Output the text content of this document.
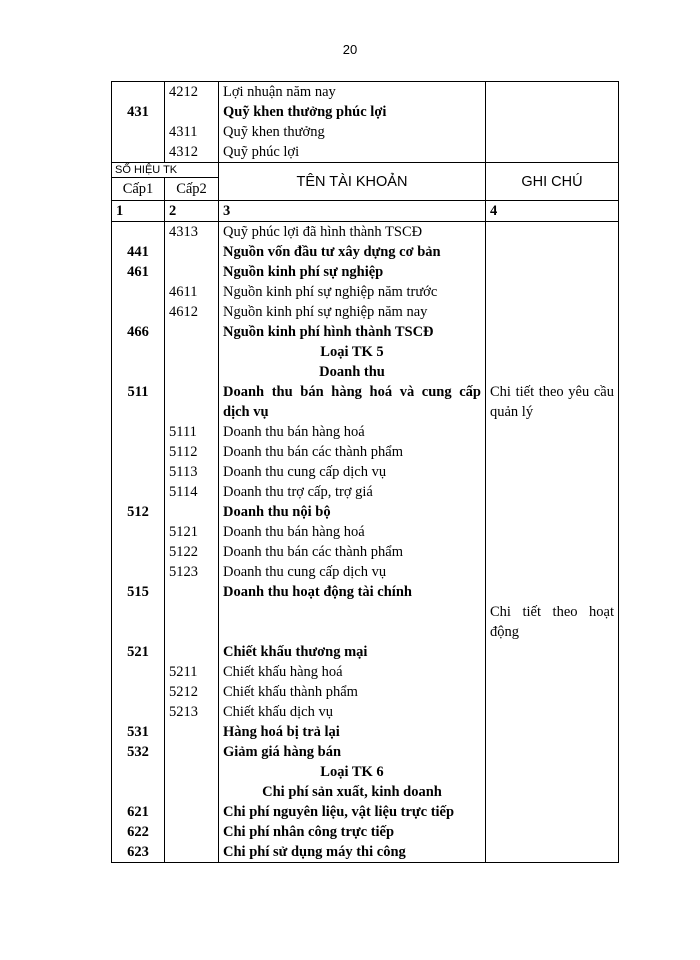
20
	4212	Lợi nhuận năm nay	
431		Quỹ khen thưởng phúc lợi	
	4311	Quỹ khen thưởng	
	4312	Quỹ phúc lợi	
SỐ HIỆU TK		TÊN TÀI KHOẢN	GHI CHÚ
Cấp1	Cấp2		
1	2	3	4
	4313	Quỹ phúc lợi đã hình thành TSCĐ	
441		Nguồn vốn đầu tư xây dựng cơ bản	
461		Nguồn kinh phí sự nghiệp	
	4611	Nguồn kinh phí sự nghiệp năm trước	
	4612	Nguồn kinh phí sự nghiệp năm nay	
466		Nguồn kinh phí hình thành TSCĐ	
		Loại TK 5	
		Doanh thu	
511		Doanh thu bán hàng hoá và cung cấp dịch vụ	Chi tiết theo yêu cầu quản lý
	5111	Doanh thu bán hàng hoá	
	5112	Doanh thu bán các thành phẩm	
	5113	Doanh thu cung cấp dịch vụ	
	5114	Doanh thu trợ cấp, trợ giá	
512		Doanh thu nội bộ	
	5121	Doanh thu bán hàng hoá	
	5122	Doanh thu bán các thành phẩm	
	5123	Doanh thu cung cấp dịch vụ	
515		Doanh thu hoạt động tài chính	
			Chi tiết theo hoạt động
521		Chiết khấu thương mại	
	5211	Chiết khấu hàng hoá	
	5212	Chiết khấu thành phẩm	
	5213	Chiết khấu dịch vụ	
531		Hàng hoá bị trả lại	
532		Giảm giá hàng bán	
		Loại TK 6	
		Chi phí sản xuất, kinh doanh	
621		Chi phí nguyên liệu, vật liệu trực tiếp	
622		Chi phí nhân công trực tiếp	
623		Chi phí sử dụng máy thi công	
